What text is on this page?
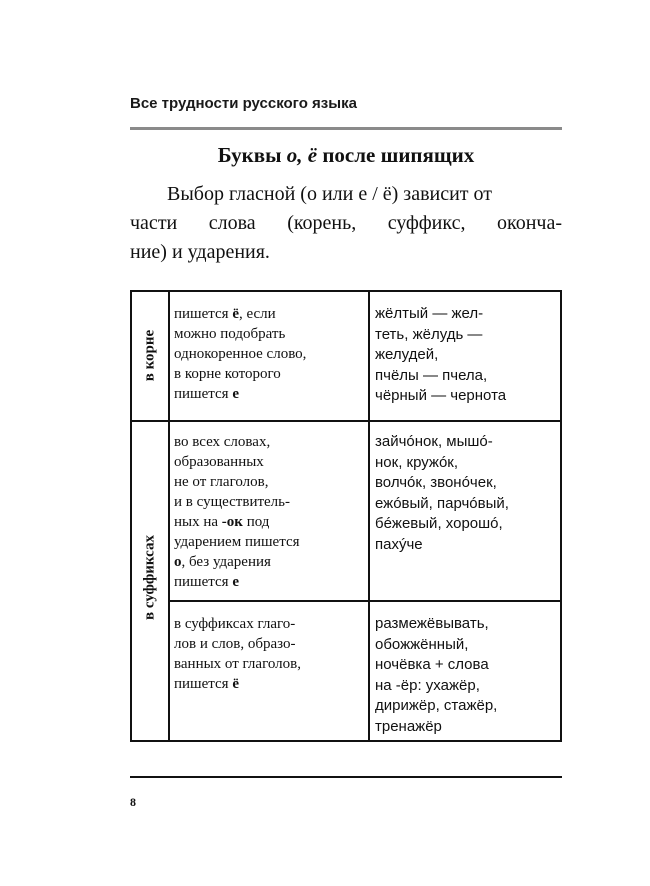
Все трудности русского языка
Буквы о, ё после шипящих
Выбор гласной (о или е / ё) зависит от
части слова (корень, суффикс, оконча-
ние) и ударения.
в корне
в суффиксах
пишется ё, если
можно подобрать
однокоренное слово,
в корне которого
пишется е
жёлтый — жел-
теть, жёлудь —
желудей,
пчёлы — пчела,
чёрный — чернота
во всех словах,
образованных
не от глаголов,
и в существитель-
ных на -ок под
ударением пишется
о, без ударения
пишется е
зайчóнок, мышó-
нок, кружóк,
волчóк, звонóчек,
ежóвый, парчóвый,
бéжевый, хорошó,
пахýче
в суффиксах глаго-
лов и слов, образо-
ванных от глаголов,
пишется ё
размежёвывать,
обожжённый,
ночёвка + слова
на -ёр: ухажёр,
дирижёр, стажёр,
тренажёр
8
